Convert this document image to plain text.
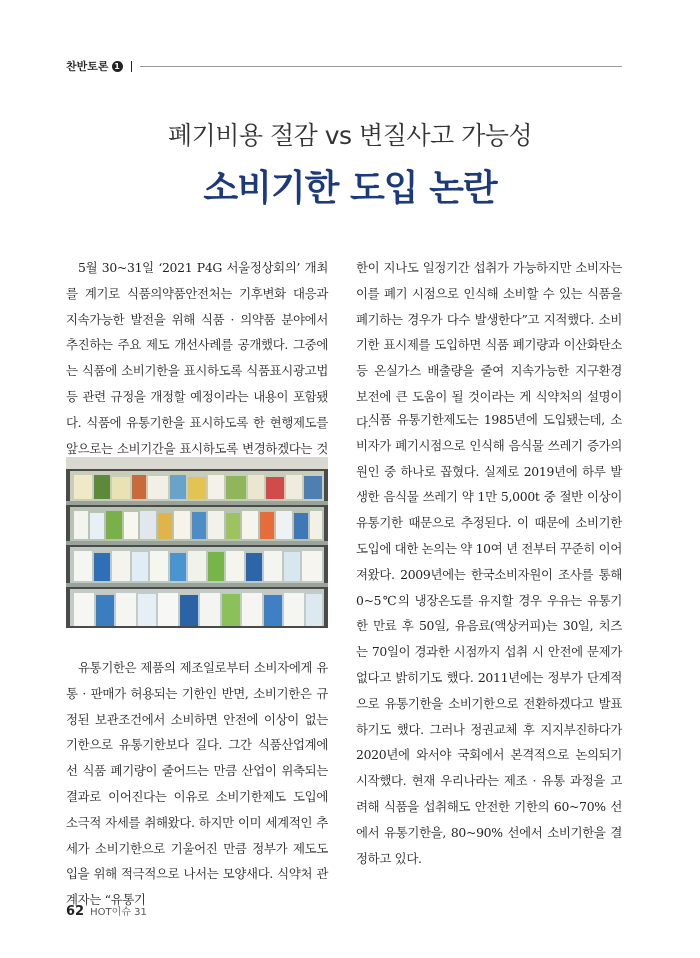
찬반토론 1
폐기비용 절감 vs 변질사고 가능성
소비기한 도입 논란

5월 30~31일 ‘2021 P4G 서울정상회의’ 개최를 계기로 식품의약품안전처는 기후변화 대응과 지속가능한 발전을 위해 식품 · 의약품 분야에서 추진하는 주요 제도 개선사례를 공개했다. 그중에는 식품에 소비기한을 표시하도록 식품표시광고법 등 관련 규정을 개정할 예정이라는 내용이 포함됐다. 식품에 유통기한을 표시하도록 한 현행제도를 앞으로는 소비기간을 표시하도록 변경하겠다는 것

유통기한은 제품의 제조일로부터 소비자에게 유통 · 판매가 허용되는 기한인 반면, 소비기한은 규정된 보관조건에서 소비하면 안전에 이상이 없는 기한으로 유통기한보다 길다. 그간 식품산업계에선 식품 폐기량이 줄어드는 만큼 산업이 위축되는 결과로 이어진다는 이유로 소비기한제도 도입에 소극적 자세를 취해왔다. 하지만 이미 세계적인 추세가 소비기한으로 기울어진 만큼 정부가 제도도입을 위해 적극적으로 나서는 모양새다. 식약처 관계자는 “유통기

한이 지나도 일정기간 섭취가 가능하지만 소비자는 이를 폐기 시점으로 인식해 소비할 수 있는 식품을 폐기하는 경우가 다수 발생한다”고 지적했다. 소비기한 표시제를 도입하면 식품 폐기량과 이산화탄소 등 온실가스 배출량을 줄여 지속가능한 지구환경 보전에 큰 도움이 될 것이라는 게 식약처의 설명이다.

식품 유통기한제도는 1985년에 도입됐는데, 소비자가 폐기시점으로 인식해 음식물 쓰레기 증가의 원인 중 하나로 꼽혔다. 실제로 2019년에 하루 발생한 음식물 쓰레기 약 1만 5,000t 중 절반 이상이 유통기한 때문으로 추정된다. 이 때문에 소비기한 도입에 대한 논의는 약 10여 년 전부터 꾸준히 이어져왔다. 2009년에는 한국소비자원이 조사를 통해 0~5℃의 냉장온도를 유지할 경우 우유는 유통기한 만료 후 50일, 유음료(액상커피)는 30일, 치즈는 70일이 경과한 시점까지 섭취 시 안전에 문제가 없다고 밝히기도 했다. 2011년에는 정부가 단계적으로 유통기한을 소비기한으로 전환하겠다고 발표하기도 했다. 그러나 정권교체 후 지지부진하다가 2020년에 와서야 국회에서 본격적으로 논의되기 시작했다. 현재 우리나라는 제조 · 유통 과정을 고려해 식품을 섭취해도 안전한 기한의 60~70% 선에서 유통기한을, 80~90% 선에서 소비기한을 결정하고 있다.

62 HOT이슈 31
